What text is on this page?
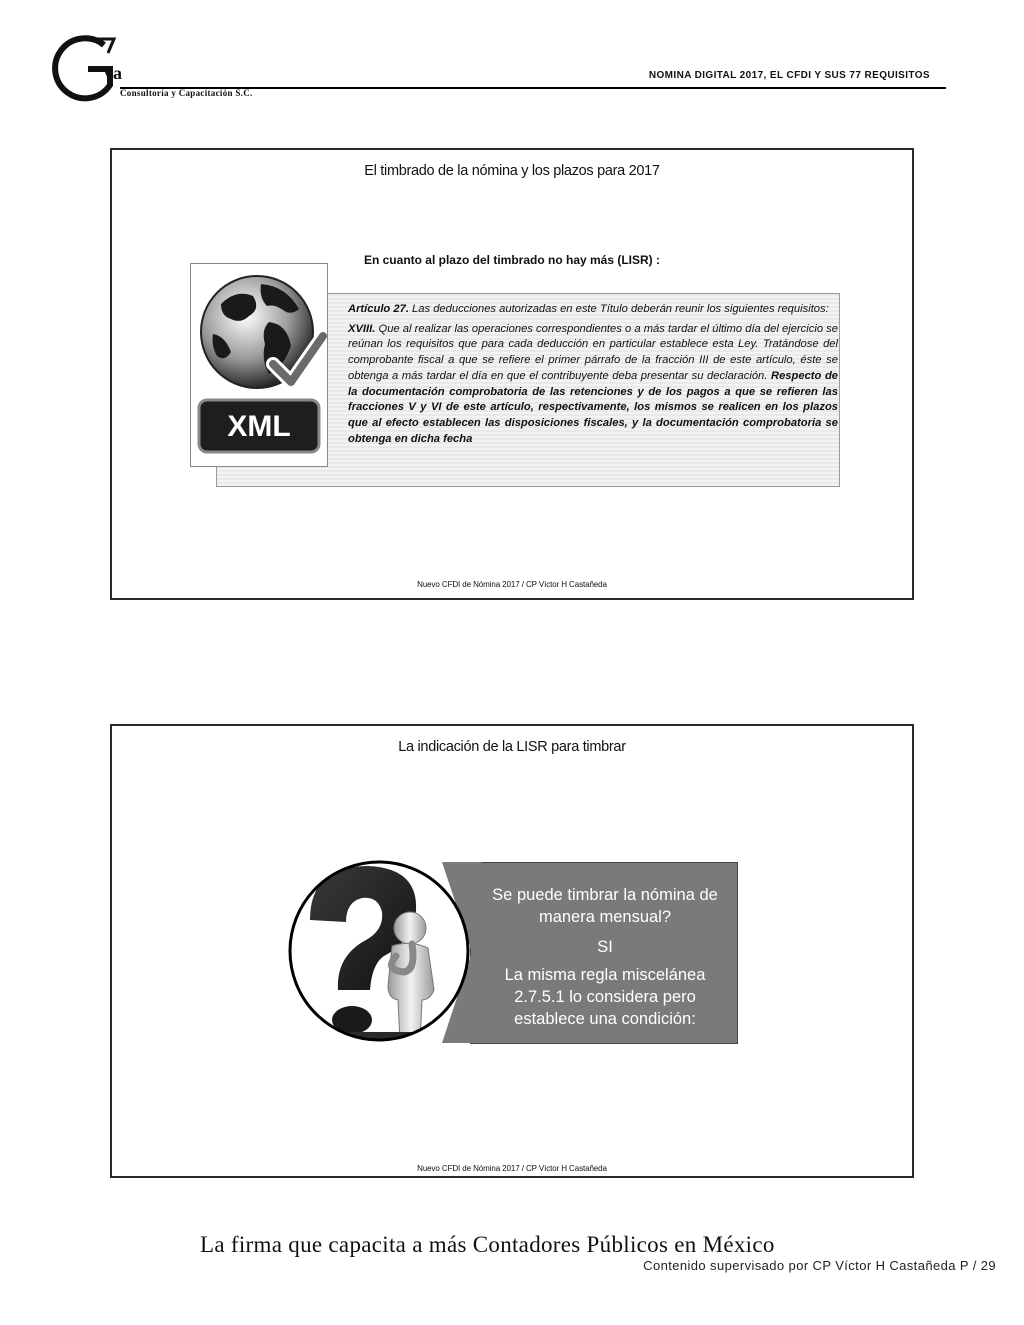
va
Consultoría y Capacitación S.C.
NOMINA DIGITAL 2017, EL CFDI Y SUS 77 REQUISITOS
El timbrado de la nómina y los plazos para 2017
En cuanto al plazo del timbrado no hay más (LISR) :
XML

Artículo 27. Las deducciones autorizadas en este Título deberán reunir los siguientes requisitos:

XVIII. Que al realizar las operaciones correspondientes o a más tardar el último día del ejercicio se reúnan los requisitos que para cada deducción en particular establece esta Ley. Tratándose del comprobante fiscal a que se refiere el primer párrafo de la fracción III de este artículo, éste se obtenga a más tardar el día en que el contribuyente deba presentar su declaración. Respecto de la documentación comprobatoria de las retenciones y de los pagos a que se refieren las fracciones V y VI de este artículo, respectivamente, los mismos se realicen en los plazos que al efecto establecen las disposiciones fiscales, y la documentación comprobatoria se obtenga en dicha fecha

Nuevo CFDI de Nómina 2017 / CP Víctor H Castañeda
La indicación de la LISR para timbrar
Se puede timbrar la nómina de manera mensual?
SI
La misma regla miscelánea 2.7.5.1 lo considera pero establece una condición:
Nuevo CFDI de Nómina 2017 / CP Víctor H Castañeda
La firma que capacita a más Contadores Públicos en México
Contenido supervisado por CP Víctor H Castañeda P / 29
